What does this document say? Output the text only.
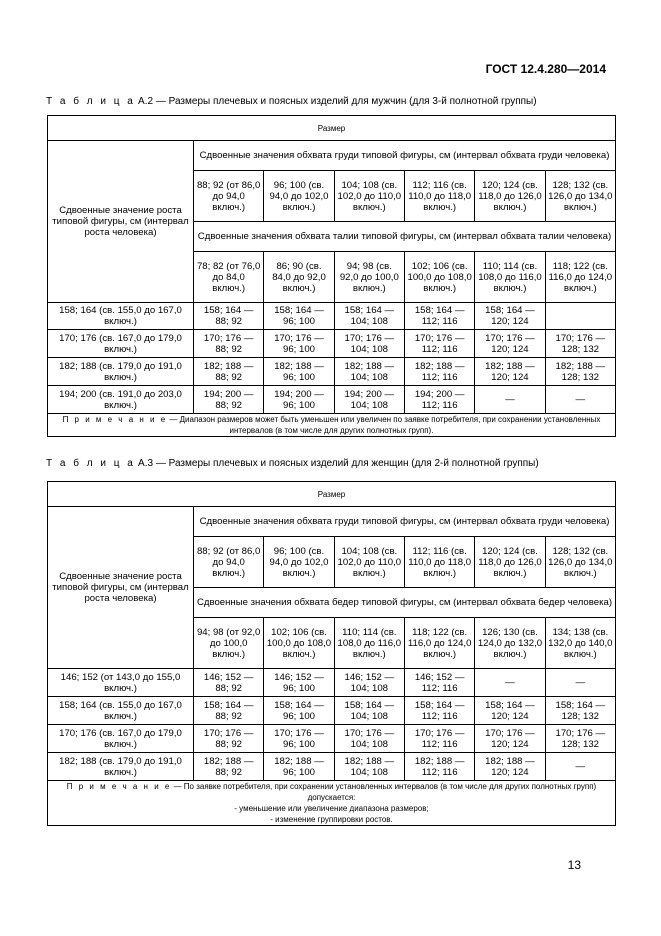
ГОСТ 12.4.280—2014
Т а б л и ц а А.2 — Размеры плечевых и поясных изделий для мужчин (для 3-й полнотной группы)
Размер						
Сдвоенные значение роста типовой фигуры, см (интервал роста человека)	Сдвоенные значения обхвата груди типовой фигуры, см (интервал обхвата груди человека)					
	88; 92 (от 86,0 до 94,0 включ.)	96; 100 (св. 94,0 до 102,0 включ.)	104; 108 (св. 102,0 до 110,0 включ.)	112; 116 (св. 110,0 до 118,0 включ.)	120; 124 (св. 118,0 до 126,0 включ.)	128; 132 (св. 126,0 до 134,0 включ.)
	Сдвоенные значения обхвата талии типовой фигуры, см (интервал обхвата талии человека)					
	78; 82 (от 76,0 до 84,0 включ.)	86; 90 (св. 84,0 до 92,0 включ.)	94; 98 (св. 92,0 до 100,0 включ.)	102; 106 (св. 100,0 до 108,0 включ.)	110; 114 (св. 108,0 до 116,0 включ.)	118; 122 (св. 116,0 до 124,0 включ.)
158; 164 (св. 155,0 до 167,0 включ.)	158; 164 — 88; 92	158; 164 — 96; 100	158; 164 — 104; 108	158; 164 — 112; 116	158; 164 — 120; 124	
170; 176 (св. 167,0 до 179,0 включ.)	170; 176 — 88; 92	170; 176 — 96; 100	170; 176 — 104; 108	170; 176 — 112; 116	170; 176 — 120; 124	170; 176 — 128; 132
182; 188 (св. 179,0 до 191,0 включ.)	182; 188 — 88; 92	182; 188 — 96; 100	182; 188 — 104; 108	182; 188 — 112; 116	182; 188 — 120; 124	182; 188 — 128; 132
194; 200 (св. 191,0 до 203,0 включ.)	194; 200 — 88; 92	194; 200 — 96; 100	194; 200 — 104; 108	194; 200 — 112; 116	—	—
П р и м е ч а н и е — Диапазон размеров может быть уменьшен или увеличен по заявке потребителя, при сохранении установленных интервалов (в том числе для других полнотных групп).						
Т а б л и ц а А.3 — Размеры плечевых и поясных изделий для женщин (для 2-й полнотной группы)
Размер						
Сдвоенные значение роста типовой фигуры, см (интервал роста человека)	Сдвоенные значения обхвата груди типовой фигуры, см (интервал обхвата груди человека)					
	88; 92 (от 86,0 до 94,0 включ.)	96; 100 (св. 94,0 до 102,0 включ.)	104; 108 (св. 102,0 до 110,0 включ.)	112; 116 (св. 110,0 до 118,0 включ.)	120; 124 (св. 118,0 до 126,0 включ.)	128; 132 (св. 126,0 до 134,0 включ.)
	Сдвоенные значения обхвата бедер типовой фигуры, см (интервал обхвата бедер человека)					
	94; 98 (от 92,0 до 100,0 включ.)	102; 106 (св. 100,0 до 108,0 включ.)	110; 114 (св. 108,0 до 116,0 включ.)	118; 122 (св. 116,0 до 124,0 включ.)	126; 130 (св. 124,0 до 132,0 включ.)	134; 138 (св. 132,0 до 140,0 включ.)
146; 152 (от 143,0 до 155,0 включ.)	146; 152 — 88; 92	146; 152 — 96; 100	146; 152 — 104; 108	146; 152 — 112; 116	—	—
158; 164 (св. 155,0 до 167,0 включ.)	158; 164 — 88; 92	158; 164 — 96; 100	158; 164 — 104; 108	158; 164 — 112; 116	158; 164 — 120; 124	158; 164 — 128; 132
170; 176 (св. 167,0 до 179,0 включ.)	170; 176 — 88; 92	170; 176 — 96; 100	170; 176 — 104; 108	170; 176 — 112; 116	170; 176 — 120; 124	170; 176 — 128; 132
182; 188 (св. 179,0 до 191,0 включ.)	182; 188 — 88; 92	182; 188 — 96; 100	182; 188 — 104; 108	182; 188 — 112; 116	182; 188 — 120; 124	—
П р и м е ч а н и е — По заявке потребителя, при сохранении установленных интервалов (в том числе для других полнотных групп) допускается:
- уменьшение или увеличение диапазона размеров;
- изменение группировки ростов.						
13
